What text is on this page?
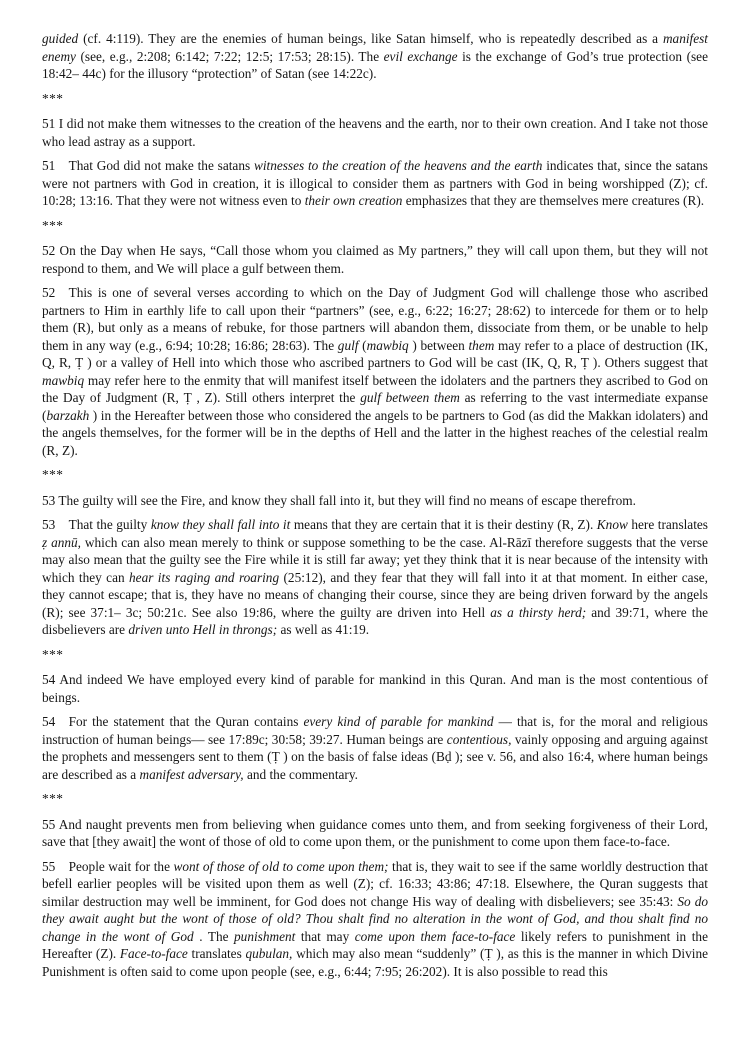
guided (cf. 4:119). They are the enemies of human beings, like Satan himself, who is repeatedly described as a manifest enemy (see, e.g., 2:208; 6:142; 7:22; 12:5; 17:53; 28:15). The evil exchange is the exchange of God’s true protection (see 18:42– 44c) for the illusory “protection” of Satan (see 14:22c).

***

51 I did not make them witnesses to the creation of the heavens and the earth, nor to their own creation. And I take not those who lead astray as a support.

51 That God did not make the satans witnesses to the creation of the heavens and the earth indicates that, since the satans were not partners with God in creation, it is illogical to consider them as partners with God in being worshipped (Z); cf. 10:28; 13:16. That they were not witness even to their own creation emphasizes that they are themselves mere creatures (R).

***

52 On the Day when He says, “Call those whom you claimed as My partners,” they will call upon them, but they will not respond to them, and We will place a gulf between them.

52 This is one of several verses according to which on the Day of Judgment God will challenge those who ascribed partners to Him in earthly life to call upon their “partners” (see, e.g., 6:22; 16:27; 28:62) to intercede for them or to help them (R), but only as a means of rebuke, for those partners will abandon them, dissociate from them, or be unable to help them in any way (e.g., 6:94; 10:28; 16:86; 28:63). The gulf (mawbiq ) between them may refer to a place of destruction (IK, Q, R, Ṭ ) or a valley of Hell into which those who ascribed partners to God will be cast (IK, Q, R, Ṭ ). Others suggest that mawbiq may refer here to the enmity that will manifest itself between the idolaters and the partners they ascribed to God on the Day of Judgment (R, Ṭ , Z). Still others interpret the gulf between them as referring to the vast intermediate expanse (barzakh ) in the Hereafter between those who considered the angels to be partners to God (as did the Makkan idolaters) and the angels themselves, for the former will be in the depths of Hell and the latter in the highest reaches of the celestial realm (R, Z).

***

53 The guilty will see the Fire, and know they shall fall into it, but they will find no means of escape therefrom.

53 That the guilty know they shall fall into it means that they are certain that it is their destiny (R, Z). Know here translates ẓ annū, which can also mean merely to think or suppose something to be the case. Al-Rāzī therefore suggests that the verse may also mean that the guilty see the Fire while it is still far away; yet they think that it is near because of the intensity with which they can hear its raging and roaring (25:12), and they fear that they will fall into it at that moment. In either case, they cannot escape; that is, they have no means of changing their course, since they are being driven forward by the angels (R); see 37:1– 3c; 50:21c. See also 19:86, where the guilty are driven into Hell as a thirsty herd; and 39:71, where the disbelievers are driven unto Hell in throngs; as well as 41:19.

***

54 And indeed We have employed every kind of parable for mankind in this Quran. And man is the most contentious of beings.

54 For the statement that the Quran contains every kind of parable for mankind — that is, for the moral and religious instruction of human beings— see 17:89c; 30:58; 39:27. Human beings are contentious, vainly opposing and arguing against the prophets and messengers sent to them (Ṭ ) on the basis of false ideas (Bḍ ); see v. 56, and also 16:4, where human beings are described as a manifest adversary, and the commentary.

***

55 And naught prevents men from believing when guidance comes unto them, and from seeking forgiveness of their Lord, save that [they await] the wont of those of old to come upon them, or the punishment to come upon them face-to-face.

55 People wait for the wont of those of old to come upon them; that is, they wait to see if the same worldly destruction that befell earlier peoples will be visited upon them as well (Z); cf. 16:33; 43:86; 47:18. Elsewhere, the Quran suggests that similar destruction may well be imminent, for God does not change His way of dealing with disbelievers; see 35:43: So do they await aught but the wont of those of old? Thou shalt find no alteration in the wont of God, and thou shalt find no change in the wont of God . The punishment that may come upon them face-to-face likely refers to punishment in the Hereafter (Z). Face-to-face translates qubulan, which may also mean “suddenly” (Ṭ ), as this is the manner in which Divine Punishment is often said to come upon people (see, e.g., 6:44; 7:95; 26:202). It is also possible to read this
